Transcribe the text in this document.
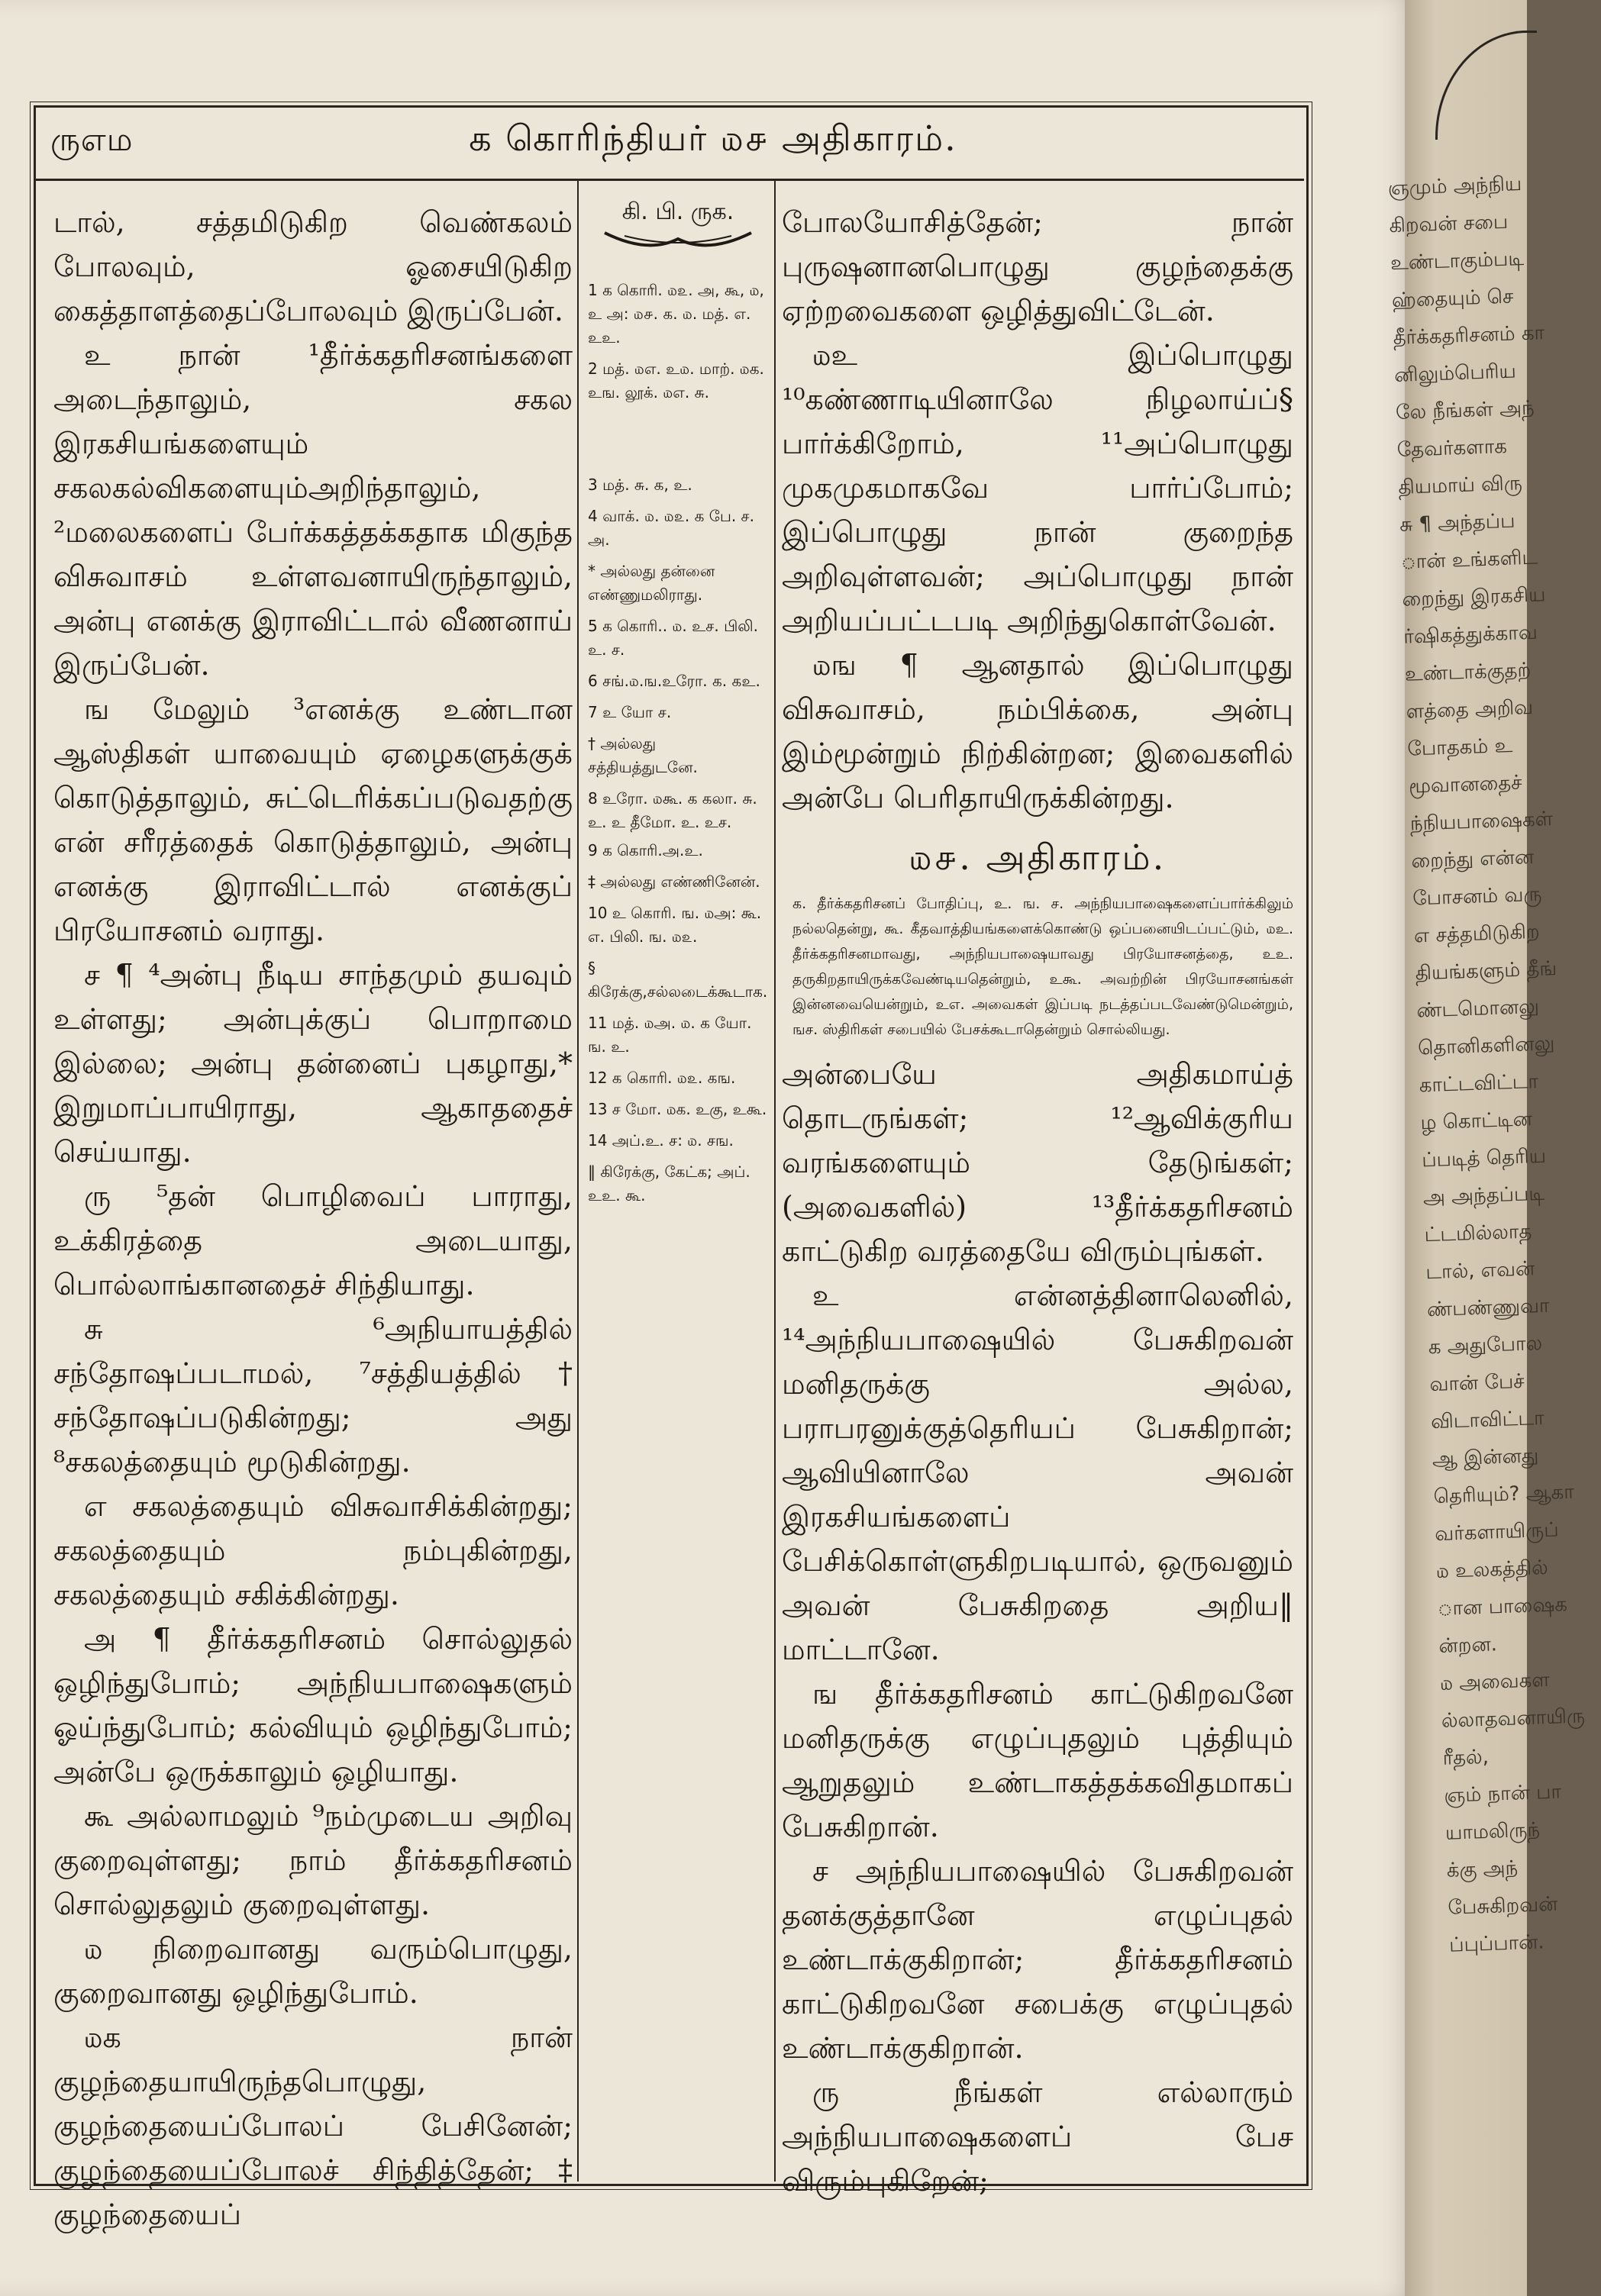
ருஎம	க கொரிந்தியர் ௰௪ அதிகாரம்.

டால், சத்தமிடுகிற வெண்கலம் போலவும், ஓசையிடுகிற கைத்தாளத்தைப்போலவும் இருப்பேன்.

உ நான் ¹தீர்க்கதரிசனங்களை அடைந்தாலும், சகல இரகசியங்களையும் சகலகல்விகளையும்அறிந்தாலும், ²மலைகளைப் பேர்க்கத்தக்கதாக மிகுந்த விசுவாசம் உள்ளவனாயிருந்தாலும், அன்பு எனக்கு இராவிட்டால் வீணனாய் இருப்பேன்.

ங மேலும் ³எனக்கு உண்டான ஆஸ்திகள் யாவையும் ஏழைகளுக்குக் கொடுத்தாலும், சுட்டெரிக்கப்படுவதற்கு என் சரீரத்தைக் கொடுத்தாலும், அன்பு எனக்கு இராவிட்டால் எனக்குப் பிரயோசனம் வராது.

ச ¶ ⁴அன்பு நீடிய சாந்தமும் தயவும் உள்ளது; அன்புக்குப் பொறாமை இல்லை; அன்பு தன்னைப் புகழாது,* இறுமாப்பாயிராது, ஆகாததைச் செய்யாது.

ரு ⁵தன் பொழிவைப் பாராது, உக்கிரத்தை அடையாது, பொல்லாங்கானதைச் சிந்தியாது.

சு ⁶அநியாயத்தில் சந்தோஷப்படாமல், ⁷சத்தியத்தில்† சந்தோஷப்படுகின்றது; அது ⁸சகலத்தையும் மூடுகின்றது.

எ சகலத்தையும் விசுவாசிக்கின்றது; சகலத்தையும் நம்புகின்றது, சகலத்தையும் சகிக்கின்றது.

அ ¶ தீர்க்கதரிசனம் சொல்லுதல் ஒழிந்துபோம்; அந்நியபாஷைகளும் ஓய்ந்துபோம்; கல்வியும் ஒழிந்துபோம்; அன்பே ஒருக்காலும் ஒழியாது.

கூ அல்லாமலும் ⁹நம்முடைய அறிவு குறைவுள்ளது; நாம் தீர்க்கதரிசனம் சொல்லுதலும் குறைவுள்ளது.

௰ நிறைவானது வரும்பொழுது, குறைவானது ஒழிந்துபோம்.

௰க நான் குழந்தையாயிருந்தபொழுது, குழந்தையைப்போலப் பேசினேன்; குழந்தையைப்போலச் சிந்தித்தேன்;‡ குழந்தையைப்

கி. பி. ருக.
1 க கொரி. ௰௨. அ, கூ, ௰, உ அ: ௰௪. க. ௰. மத். எ. உஉ.
2 மத். ௰எ. உ௰. மாற். ௰க. உங. லூக். ௰எ. சு.
3 மத். சு. க, உ.
4 வாக். ௰. ௰௨. க பே. ச. அ.
* அல்லது தன்னை எண்ணுமலிராது.
5 க கொரி.. ௰. உச. பிலி. உ. ச.
6 சங்.௰.ங.உரோ. க. கஉ.
7 உ யோ ச.
† அல்லது சத்தியத்துடனே.
8 உரோ. ௰கூ. க கலா. சு. உ. உ தீமோ. உ. உச.
9 க கொரி.அ.உ.
‡ அல்லது எண்ணினேன்.
10 உ கொரி. ங. ௰அ: கூ. எ. பிலி. ங. ௰௨.
§ கிரேக்கு,சல்லடைக்கூடாக.
11 மத். ௰அ. ௰. க யோ. ங. உ.
12 க கொரி. ௰௨. கங.
13 ச மோ. ௰க. உகு, உகூ.
14 அப்.உ. ச: ௰. சங.
‖ கிரேக்கு, கேட்க; அப். உஉ. கூ.

போலயோசித்தேன்; நான் புருஷனானபொழுது குழந்தைக்கு ஏற்றவைகளை ஒழித்துவிட்டேன்.

௰உ இப்பொழுது ¹⁰கண்ணாடியினாலே நிழலாய்ப்§ பார்க்கிறோம், ¹¹அப்பொழுது முகமுகமாகவே பார்ப்போம்; இப்பொழுது நான் குறைந்த அறிவுள்ளவன்; அப்பொழுது நான் அறியப்பட்டபடி அறிந்துகொள்வேன்.

௰ங ¶ ஆனதால் இப்பொழுது விசுவாசம், நம்பிக்கை, அன்பு இம்மூன்றும் நிற்கின்றன; இவைகளில் அன்பே பெரிதாயிருக்கின்றது.

௰௪. அதிகாரம்.

க. தீர்க்கதரிசனப் போதிப்பு, உ. ங. ச. அந்நியபாஷைகளைப்பார்க்கிலும் நல்லதென்று, கூ. கீதவாத்தியங்களைக்கொண்டு ஒப்பனையிடப்பட்டும், ௰உ. தீர்க்கதரிசனமாவது, அந்நியபாஷையாவது பிரயோசனத்தை, உஉ. தருகிறதாயிருக்கவேண்டியதென்றும், உகூ. அவற்றின் பிரயோசனங்கள் இன்னவையென்றும், உஎ. அவைகள் இப்படி நடத்தப்படவேண்டுமென்றும், ஙச. ஸ்திரிகள் சபையில் பேசக்கூடாதென்றும் சொல்லியது.

அன்பையே அதிகமாய்த் தொடருங்கள்; ¹²ஆவிக்குரிய வரங்களையும் தேடுங்கள்; (அவைகளில்) ¹³தீர்க்கதரிசனம் காட்டுகிற வரத்தையே விரும்புங்கள்.

உ என்னத்தினாலெனில், ¹⁴அந்நியபாஷையில் பேசுகிறவன் மனிதருக்கு அல்ல, பராபரனுக்குத்தெரியப் பேசுகிறான்; ஆவியினாலே அவன் இரகசியங்களைப் பேசிக்கொள்ளுகிறபடியால், ஒருவனும் அவன் பேசுகிறதை அறிய‖ மாட்டானே.

ங தீர்க்கதரிசனம் காட்டுகிறவனே மனிதருக்கு எழுப்புதலும் புத்தியும் ஆறுதலும் உண்டாகத்தக்கவிதமாகப் பேசுகிறான்.

ச அந்நியபாஷையில் பேசுகிறவன் தனக்குத்தானே எழுப்புதல் உண்டாக்குகிறான்; தீர்க்கதரிசனம் காட்டுகிறவனே சபைக்கு எழுப்புதல் உண்டாக்குகிறான்.

ரு நீங்கள் எல்லாரும் அந்நியபாஷைகளைப் பேச விரும்புகிறேன்;

ஞமும் அந்நிய
கிறவன் சபை
உண்டாகும்படி
ஹ்தையும் செ
தீர்க்கதரிசனம் கா
னிலும்பெரிய
லே நீங்கள் அந்
தேவர்களாக
தியமாய் விரு
சு ¶ அந்தப்ப
ான் உங்களிட
றைந்து இரகசிய
ர்ஷிகத்துக்காவ
உண்டாக்குதற்
ளத்தை அறிவ
போதகம் உ
மூவானதைச்
ந்நியபாஷைகள்
றைந்து என்ன
போசனம் வரு
எ சத்தமிடுகிற
தியங்களும் தீங்
ண்டமொனலு
தொனிகளினலு
காட்டவிட்டா
ழ கொட்டின
ப்படித் தெரிய
அ அந்தப்படி
ட்டமில்லாத
டால், எவன்
ண்பண்ணுவா
க அதுபோல
வான் பேச்
விடாவிட்டா
ஆ இன்னது
தெரியும்? ஆகா
வர்களாயிருப்
௰ உலகத்தில்
ான பாஷைக
ன்றன.
௰ அவைகள
ல்லாதவனாயிரு
ரீதல்,
ஞம் நான் பா
யாமலிருந்
க்கு அந்
பேசுகிறவன்
ப்புப்பான்.
